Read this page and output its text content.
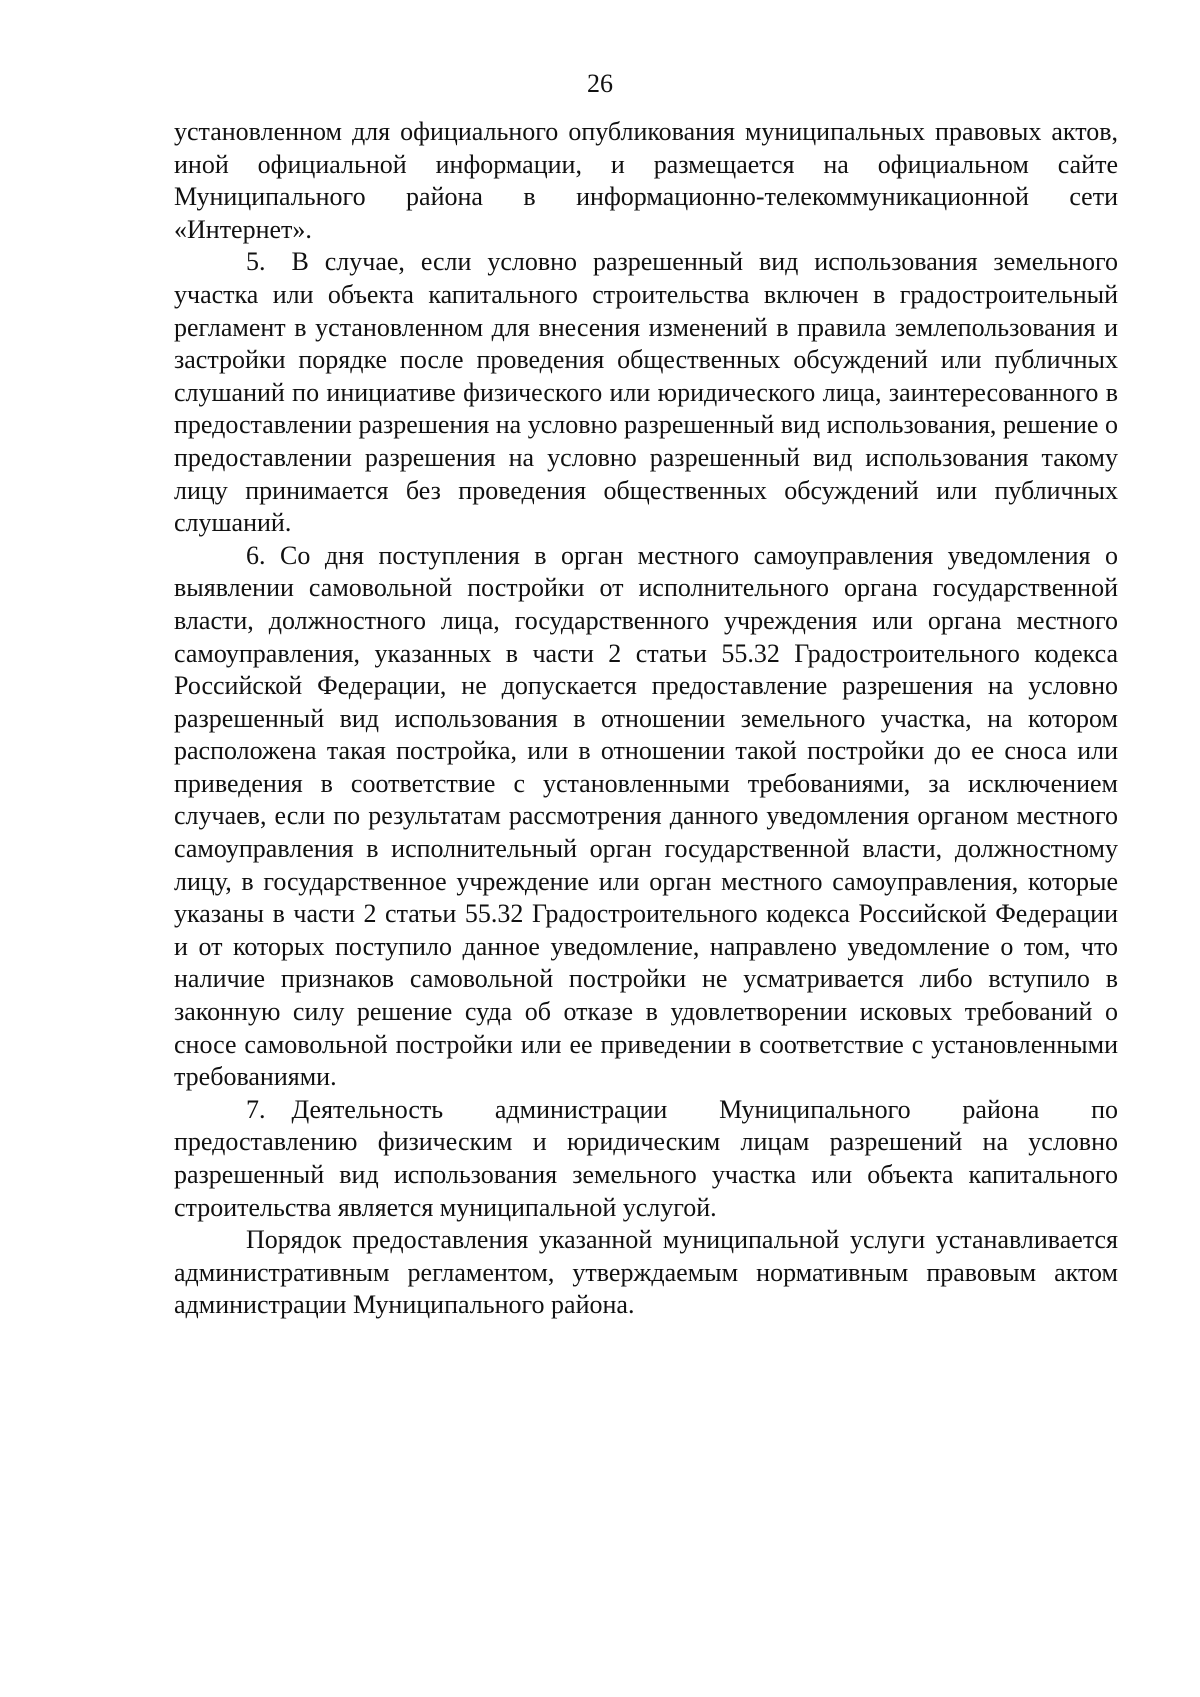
26

установленном для официального опубликования муниципальных правовых актов, иной официальной информации, и размещается на официальном сайте Муниципального района в информационно-телекоммуникационной сети «Интернет».

5. В случае, если условно разрешенный вид использования земельного участка или объекта капитального строительства включен в градостроительный регламент в установленном для внесения изменений в правила землепользования и застройки порядке после проведения общественных обсуждений или публичных слушаний по инициативе физического или юридического лица, заинтересованного в предоставлении разрешения на условно разрешенный вид использования, решение о предоставлении разрешения на условно разрешенный вид использования такому лицу принимается без проведения общественных обсуждений или публичных слушаний.

6. Со дня поступления в орган местного самоуправления уведомления о выявлении самовольной постройки от исполнительного органа государственной власти, должностного лица, государственного учреждения или органа местного самоуправления, указанных в части 2 статьи 55.32 Градостроительного кодекса Российской Федерации, не допускается предоставление разрешения на условно разрешенный вид использования в отношении земельного участка, на котором расположена такая постройка, или в отношении такой постройки до ее сноса или приведения в соответствие с установленными требованиями, за исключением случаев, если по результатам рассмотрения данного уведомления органом местного самоуправления в исполнительный орган государственной власти, должностному лицу, в государственное учреждение или орган местного самоуправления, которые указаны в части 2 статьи 55.32 Градостроительного кодекса Российской Федерации и от которых поступило данное уведомление, направлено уведомление о том, что наличие признаков самовольной постройки не усматривается либо вступило в законную силу решение суда об отказе в удовлетворении исковых требований о сносе самовольной постройки или ее приведении в соответствие с установленными требованиями.

7. Деятельность администрации Муниципального района по предоставлению физическим и юридическим лицам разрешений на условно разрешенный вид использования земельного участка или объекта капитального строительства является муниципальной услугой.

Порядок предоставления указанной муниципальной услуги устанавливается административным регламентом, утверждаемым нормативным правовым актом администрации Муниципального района.
